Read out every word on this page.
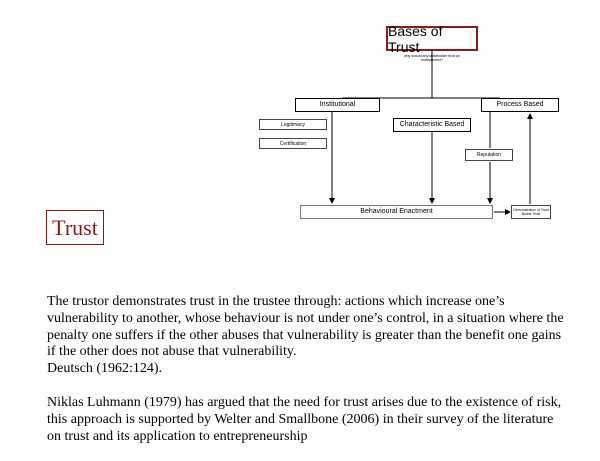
Bases of Trust
why should any stakeholder trust an entrepreneur?
Institutional	Process Based
Characteristic Based
Legitimacy
Certification
Reputation
Behavioural Enactment	Demonstration of Trust Builds Trust
Trust
The trustor demonstrates trust in the trustee through: actions which increase one’s vulnerability to another, whose behaviour is not under one’s control, in a situation where the penalty one suffers if the other abuses that vulnerability is greater than the benefit one gains if the other does not abuse that vulnerability.
Deutsch (1962:124).
Niklas Luhmann (1979) has argued that the need for trust arises due to the existence of risk, this approach is supported by Welter and Smallbone (2006) in their survey of the literature on trust and its application to entrepreneurship
